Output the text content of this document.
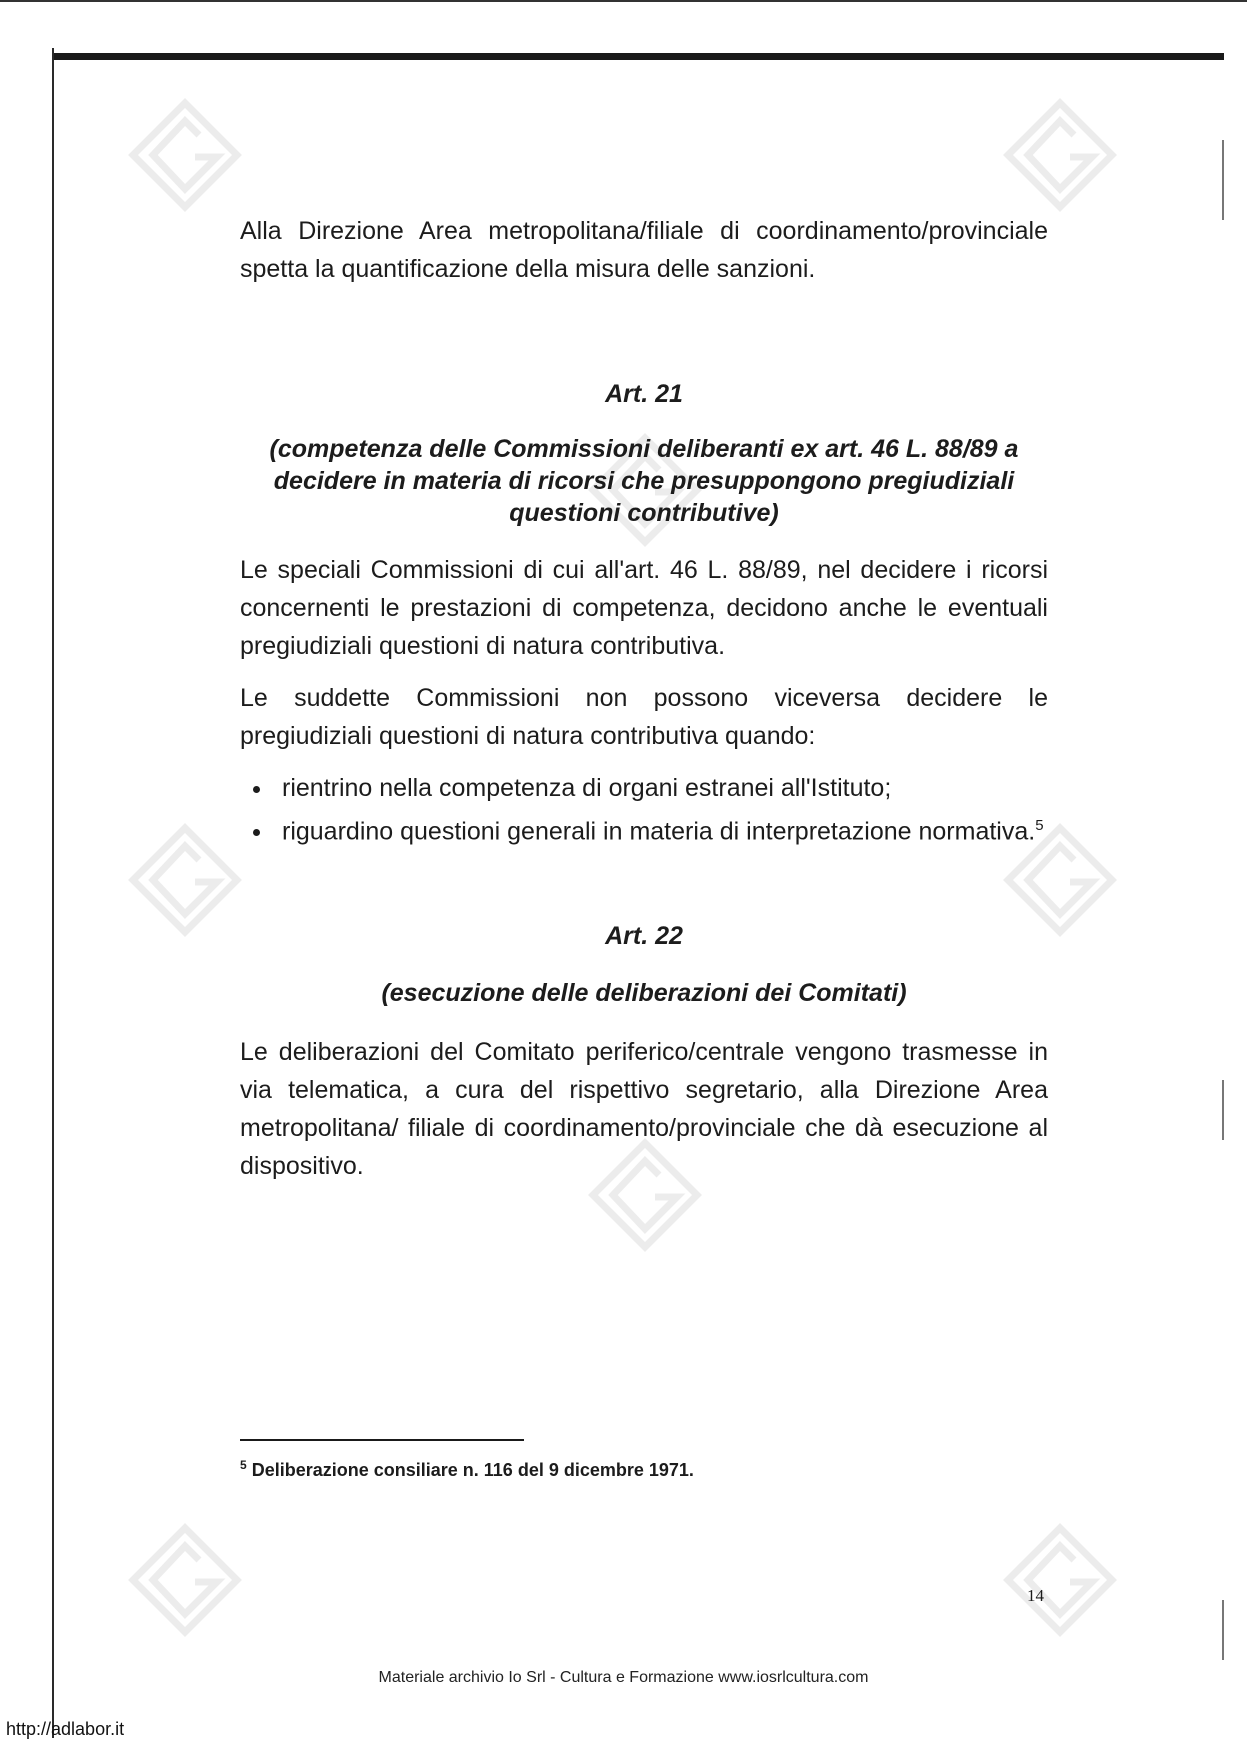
Alla Direzione Area metropolitana/filiale di coordinamento/provinciale spetta la quantificazione della misura delle sanzioni.

Art. 21

(competenza delle Commissioni deliberanti ex art. 46 L. 88/89 a decidere in materia di ricorsi che presuppongono pregiudiziali questioni contributive)

Le speciali Commissioni di cui all'art. 46 L. 88/89, nel decidere i ricorsi concernenti le prestazioni di competenza, decidono anche le eventuali pregiudiziali questioni di natura contributiva.

Le suddette Commissioni non possono viceversa decidere le pregiudiziali questioni di natura contributiva quando:

• rientrino nella competenza di organi estranei all'Istituto;
• riguardino questioni generali in materia di interpretazione normativa.$^5$

Art. 22

(esecuzione delle deliberazioni dei Comitati)

Le deliberazioni del Comitato periferico/centrale vengono trasmesse in via telematica, a cura del rispettivo segretario, alla Direzione Area metropolitana/ filiale di coordinamento/provinciale che dà esecuzione al dispositivo.

$^5$ Deliberazione consiliare n. 116 del 9 dicembre 1971.
14
Materiale archivio Io Srl - Cultura e Formazione www.iosrlcultura.com
http://adlabor.it
